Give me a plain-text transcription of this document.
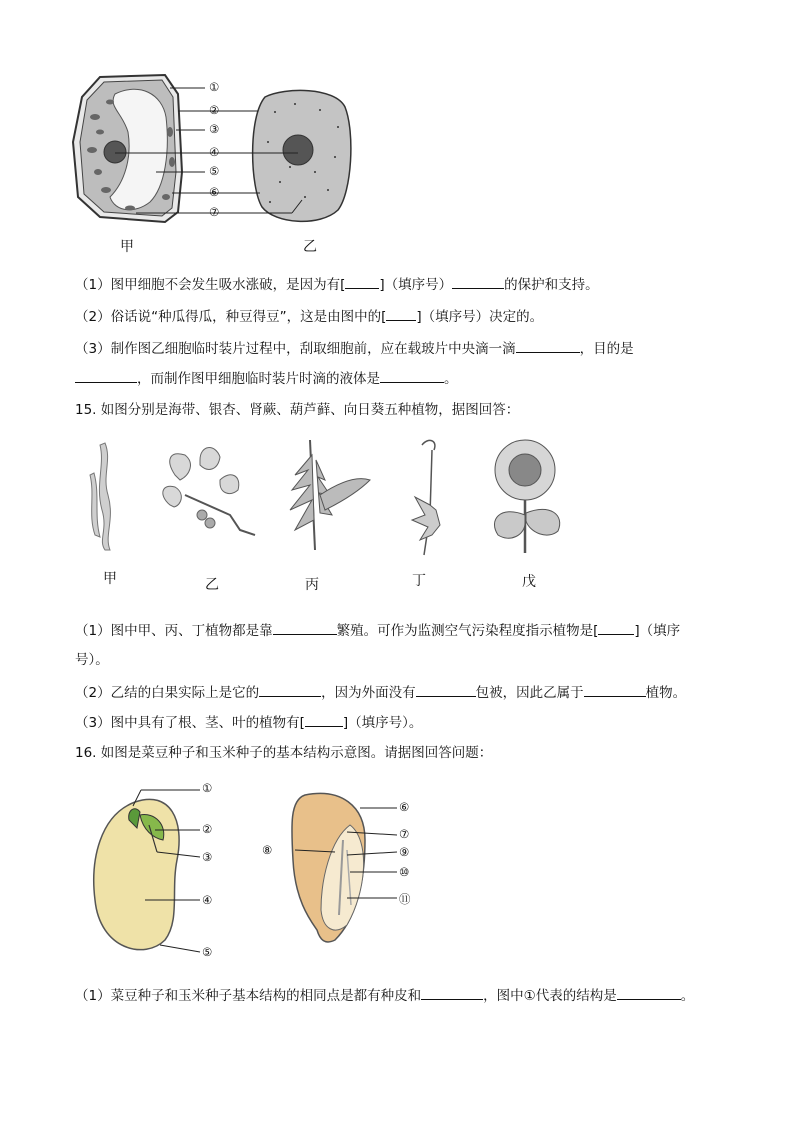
①
②
③
④
⑤
⑥
⑦
甲	乙
（1）图甲细胞不会发生吸水涨破，是因为有[	]（填序号）	的保护和支持。
（2）俗话说“种瓜得瓜，种豆得豆”，这是由图中的[ ]（填序号）决定的。
（3）制作图乙细胞临时装片过程中，刮取细胞前，应在载玻片中央滴一滴	，目的是
，而制作图甲细胞临时装片时滴的液体是	。
15. 如图分别是海带、银杏、肾蕨、葫芦藓、向日葵五种植物，据图回答：
甲	乙	丙	丁	戊
（1）图中甲、丙、丁植物都是靠	繁殖。可作为监测空气污染程度指示植物是[	]（填序
号）。
（2）乙结的白果实际上是它的	，因为外面没有	包被，因此乙属于	植物。
（3）图中具有了根、茎、叶的植物有[	]（填序号）。
16. 如图是菜豆种子和玉米种子的基本结构示意图。请据图回答问题：
①
②
③
④
⑤
⑥
⑦
⑧	⑨
⑩
⑪
（1）菜豆种子和玉米种子基本结构的相同点是都有种皮和	，图中①代表的结构是	。
